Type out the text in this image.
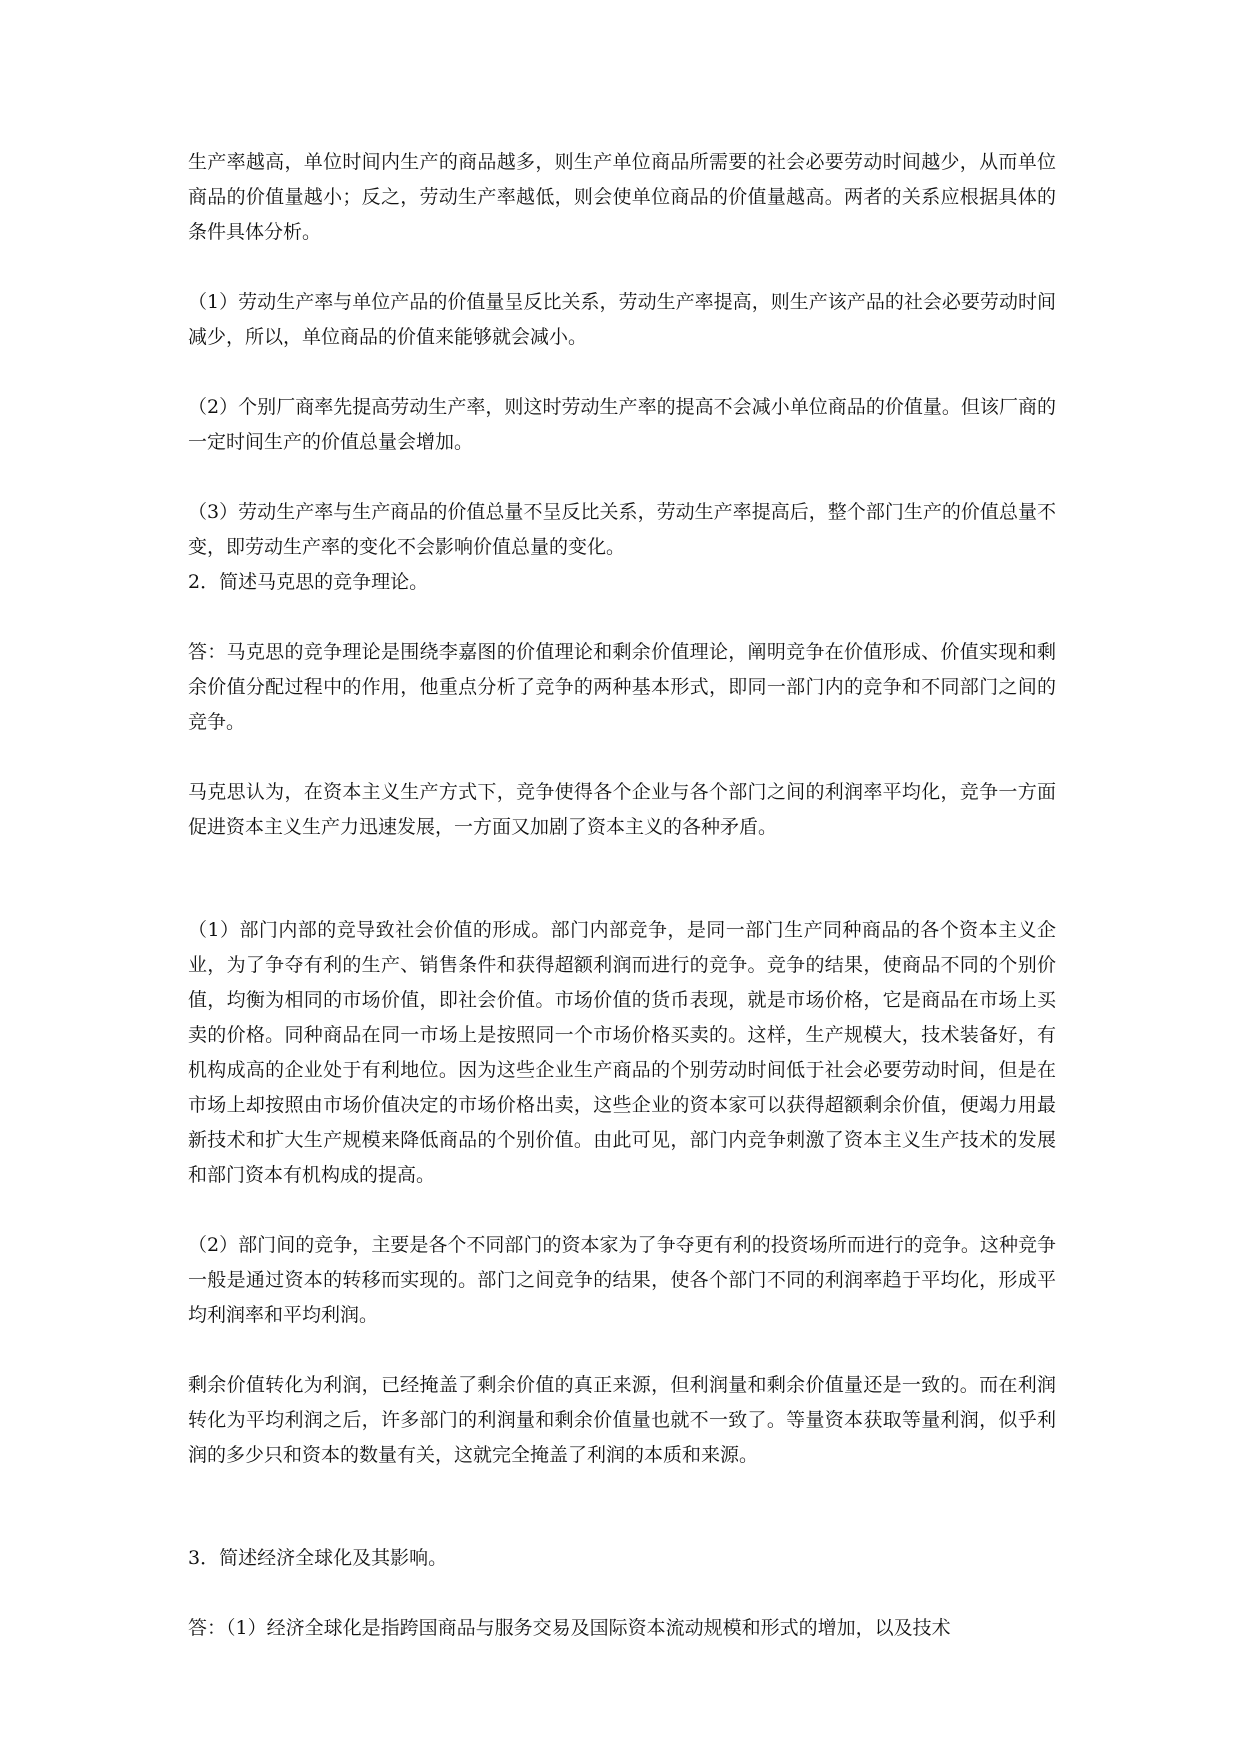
生产率越高，单位时间内生产的商品越多，则生产单位商品所需要的社会必要劳动时间越少，从而单位商品的价值量越小；反之，劳动生产率越低，则会使单位商品的价值量越高。两者的关系应根据具体的条件具体分析。

（1）劳动生产率与单位产品的价值量呈反比关系，劳动生产率提高，则生产该产品的社会必要劳动时间减少，所以，单位商品的价值来能够就会减小。

（2）个别厂商率先提高劳动生产率，则这时劳动生产率的提高不会减小单位商品的价值量。但该厂商的一定时间生产的价值总量会增加。

（3）劳动生产率与生产商品的价值总量不呈反比关系，劳动生产率提高后，整个部门生产的价值总量不变，即劳动生产率的变化不会影响价值总量的变化。

2．简述马克思的竞争理论。

答：马克思的竞争理论是围绕李嘉图的价值理论和剩余价值理论，阐明竞争在价值形成、价值实现和剩余价值分配过程中的作用，他重点分析了竞争的两种基本形式，即同一部门内的竞争和不同部门之间的竞争。

马克思认为，在资本主义生产方式下，竞争使得各个企业与各个部门之间的利润率平均化，竞争一方面促进资本主义生产力迅速发展，一方面又加剧了资本主义的各种矛盾。

（1）部门内部的竞导致社会价值的形成。部门内部竞争，是同一部门生产同种商品的各个资本主义企业，为了争夺有利的生产、销售条件和获得超额利润而进行的竞争。竞争的结果，使商品不同的个别价值，均衡为相同的市场价值，即社会价值。市场价值的货币表现，就是市场价格，它是商品在市场上买卖的价格。同种商品在同一市场上是按照同一个市场价格买卖的。这样，生产规模大，技术装备好，有机构成高的企业处于有利地位。因为这些企业生产商品的个别劳动时间低于社会必要劳动时间，但是在市场上却按照由市场价值决定的市场价格出卖，这些企业的资本家可以获得超额剩余价值，便竭力用最新技术和扩大生产规模来降低商品的个别价值。由此可见，部门内竞争刺激了资本主义生产技术的发展和部门资本有机构成的提高。

（2）部门间的竞争，主要是各个不同部门的资本家为了争夺更有利的投资场所而进行的竞争。这种竞争一般是通过资本的转移而实现的。部门之间竞争的结果，使各个部门不同的利润率趋于平均化，形成平均利润率和平均利润。

剩余价值转化为利润，已经掩盖了剩余价值的真正来源，但利润量和剩余价值量还是一致的。而在利润转化为平均利润之后，许多部门的利润量和剩余价值量也就不一致了。等量资本获取等量利润，似乎利润的多少只和资本的数量有关，这就完全掩盖了利润的本质和来源。

3．简述经济全球化及其影响。

答：（1）经济全球化是指跨国商品与服务交易及国际资本流动规模和形式的增加，以及技术
